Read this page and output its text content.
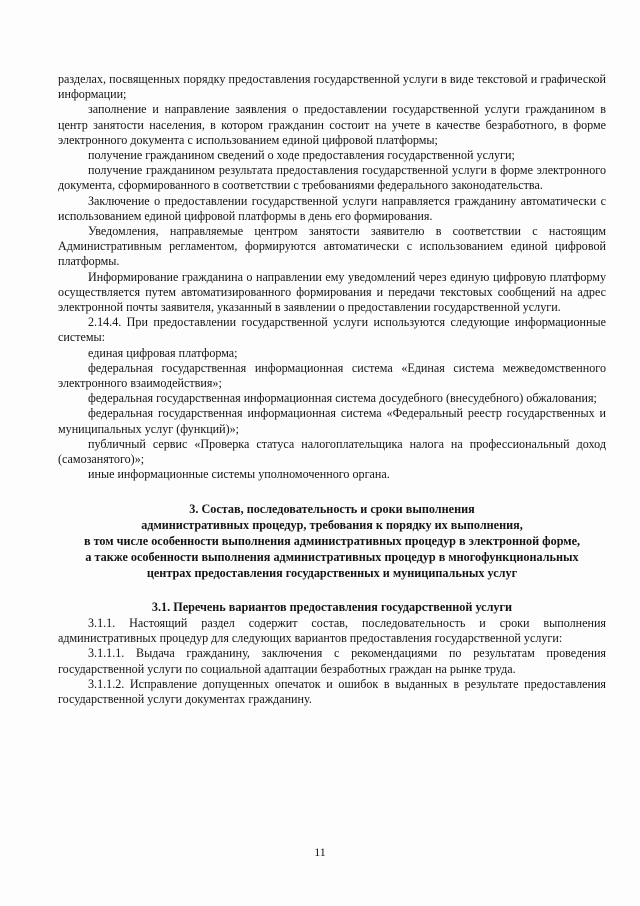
разделах, посвященных порядку предоставления государственной услуги в виде текстовой и графической информации;

заполнение и направление заявления о предоставлении государственной услуги гражданином в центр занятости населения, в котором гражданин состоит на учете в качестве безработного, в форме электронного документа с использованием единой цифровой платформы;

получение гражданином сведений о ходе предоставления государственной услуги;

получение гражданином результата предоставления государственной услуги в форме электронного документа, сформированного в соответствии с требованиями федерального законодательства.

Заключение о предоставлении государственной услуги направляется гражданину автоматически с использованием единой цифровой платформы в день его формирования.

Уведомления, направляемые центром занятости заявителю в соответствии с настоящим Административным регламентом, формируются автоматически с использованием единой цифровой платформы.

Информирование гражданина о направлении ему уведомлений через единую цифровую платформу осуществляется путем автоматизированного формирования и передачи текстовых сообщений на адрес электронной почты заявителя, указанный в заявлении о предоставлении государственной услуги.

2.14.4. При предоставлении государственной услуги используются следующие информационные системы:

единая цифровая платформа;

федеральная государственная информационная система «Единая система межведомственного электронного взаимодействия»;

федеральная государственная информационная система досудебного (внесудебного) обжалования;

федеральная государственная информационная система «Федеральный реестр государственных и муниципальных услуг (функций)»;

публичный сервис «Проверка статуса налогоплательщика налога на профессиональный доход (самозанятого)»;

иные информационные системы уполномоченного органа.

3. Состав, последовательность и сроки выполнения
административных процедур, требования к порядку их выполнения,
в том числе особенности выполнения административных процедур в электронной форме,
а также особенности выполнения административных процедур в многофункциональных
центрах предоставления государственных и муниципальных услуг
3.1. Перечень вариантов предоставления государственной услуги

3.1.1. Настоящий раздел содержит состав, последовательность и сроки выполнения административных процедур для следующих вариантов предоставления государственной услуги:

3.1.1.1. Выдача гражданину, заключения с рекомендациями по результатам проведения государственной услуги по социальной адаптации безработных граждан на рынке труда.

3.1.1.2. Исправление допущенных опечаток и ошибок в выданных в результате предоставления государственной услуги документах гражданину.

11
